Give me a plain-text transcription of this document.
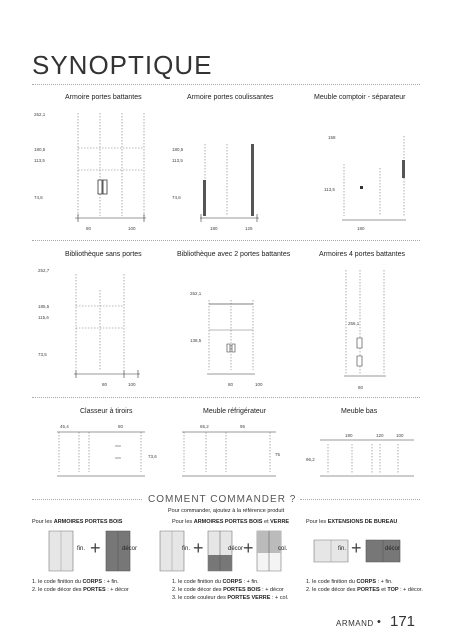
SYNOPTIQUE
Armoire portes battantes	Armoire portes coulissantes	Meuble comptoir - séparateur
262,1
180,5
113,5
74,6
80	100
180,5
113,5
74,6
180	125
158
113,5
180
Bibliothèque sans portes	Bibliothèque avec 2 portes battantes	Armoires 4 portes battantes
252,7
185,5
115,6
73,5
80	100
262,1
138,5
80	100
256,1
80
Classeur à tiroirs	Meuble réfrigérateur	Meuble bas
45,4	80
73,6
65,2	95
75
180	120	100
96,2
COMMENT COMMANDER ?
Pour commander, ajoutez à la référence produit
Pour les ARMOIRES PORTES BOIS	Pour les ARMOIRES PORTES BOIS et VERRE	Pour les EXTENSIONS DE BUREAU
fin. +	décor	fin. +	décor +	col.	fin. +	décor
1. le code finition du CORPS : + fin.
2. le code décor des PORTES : + décor
1. le code finition du CORPS : + fin.
2. le code décor des PORTES BOIS : + décor
3. le code couleur des PORTES VERRE : + col.
1. le code finition du CORPS : + fin.
2. le code décor des PORTES et TOP : + décor.
ARMAND • 171
